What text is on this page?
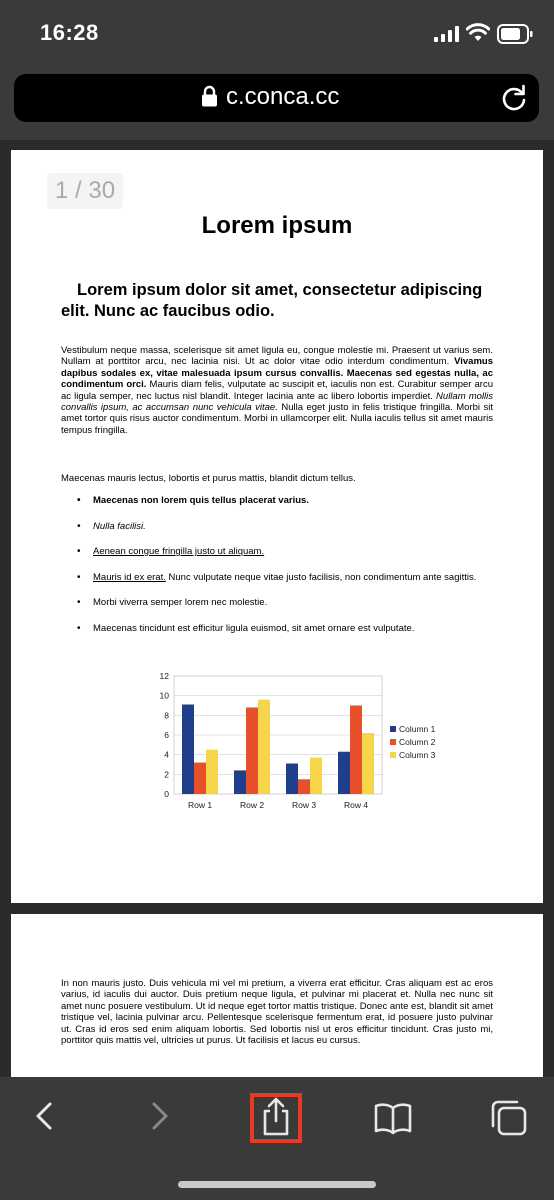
16:28
c.conca.cc
1 / 30
Lorem ipsum
Lorem ipsum dolor sit amet, consectetur adipiscing elit. Nunc ac faucibus odio.

Vestibulum neque massa, scelerisque sit amet ligula eu, congue molestie mi. Praesent ut varius sem. Nullam at porttitor arcu, nec lacinia nisi. Ut ac dolor vitae odio interdum condimentum. Vivamus dapibus sodales ex, vitae malesuada ipsum cursus convallis. Maecenas sed egestas nulla, ac condimentum orci. Mauris diam felis, vulputate ac suscipit et, iaculis non est. Curabitur semper arcu ac ligula semper, nec luctus nisl blandit. Integer lacinia ante ac libero lobortis imperdiet. Nullam mollis convallis ipsum, ac accumsan nunc vehicula vitae. Nulla eget justo in felis tristique fringilla. Morbi sit amet tortor quis risus auctor condimentum. Morbi in ullamcorper elit. Nulla iaculis tellus sit amet mauris tempus fringilla.

Maecenas mauris lectus, lobortis et purus mattis, blandit dictum tellus.

• Maecenas non lorem quis tellus placerat varius.
• Nulla facilisi.
• Aenean congue fringilla justo ut aliquam.
• Mauris id ex erat. Nunc vulputate neque vitae justo facilisis, non condimentum ante sagittis.
• Morbi viverra semper lorem nec molestie.
• Maecenas tincidunt est efficitur ligula euismod, sit amet ornare est vulputate.
0
2
4
6
8
10
12
Row 1	Row 2	Row 3	Row 4
Column 1
Column 2
Column 3

In non mauris justo. Duis vehicula mi vel mi pretium, a viverra erat efficitur. Cras aliquam est ac eros varius, id iaculis dui auctor. Duis pretium neque ligula, et pulvinar mi placerat et. Nulla nec nunc sit amet nunc posuere vestibulum. Ut id neque eget tortor mattis tristique. Donec ante est, blandit sit amet tristique vel, lacinia pulvinar arcu. Pellentesque scelerisque fermentum erat, id posuere justo pulvinar ut. Cras id eros sed enim aliquam lobortis. Sed lobortis nisl ut eros efficitur tincidunt. Cras justo mi, porttitor quis mattis vel, ultricies ut purus. Ut facilisis et lacus eu cursus.
